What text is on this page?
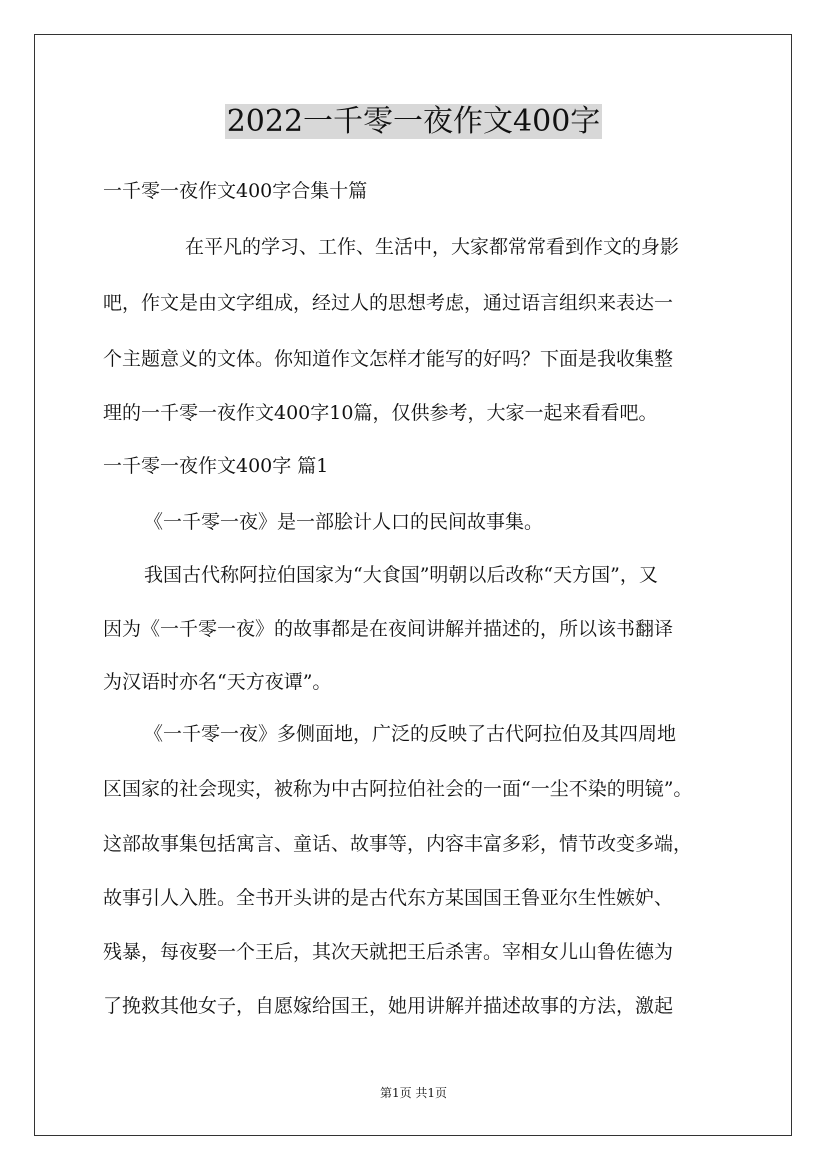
2022一千零一夜作文400字

一千零一夜作文400字合集十篇

在平凡的学习、工作、生活中，大家都常常看到作文的身影

吧，作文是由文字组成，经过人的思想考虑，通过语言组织来表达一

个主题意义的文体。你知道作文怎样才能写的好吗？下面是我收集整

理的一千零一夜作文400字10篇，仅供参考，大家一起来看看吧。

一千零一夜作文400字 篇1

《一千零一夜》是一部脍计人口的民间故事集。

我国古代称阿拉伯国家为“大食国”明朝以后改称“天方国”，又

因为《一千零一夜》的故事都是在夜间讲解并描述的，所以该书翻译

为汉语时亦名“天方夜谭”。

《一千零一夜》多侧面地，广泛的反映了古代阿拉伯及其四周地

区国家的社会现实，被称为中古阿拉伯社会的一面“一尘不染的明镜”。

这部故事集包括寓言、童话、故事等，内容丰富多彩，情节改变多端，

故事引人入胜。全书开头讲的是古代东方某国国王鲁亚尔生性嫉妒、

残暴，每夜娶一个王后，其次天就把王后杀害。宰相女儿山鲁佐德为

了挽救其他女子，自愿嫁给国王，她用讲解并描述故事的方法，激起

第1页 共1页
